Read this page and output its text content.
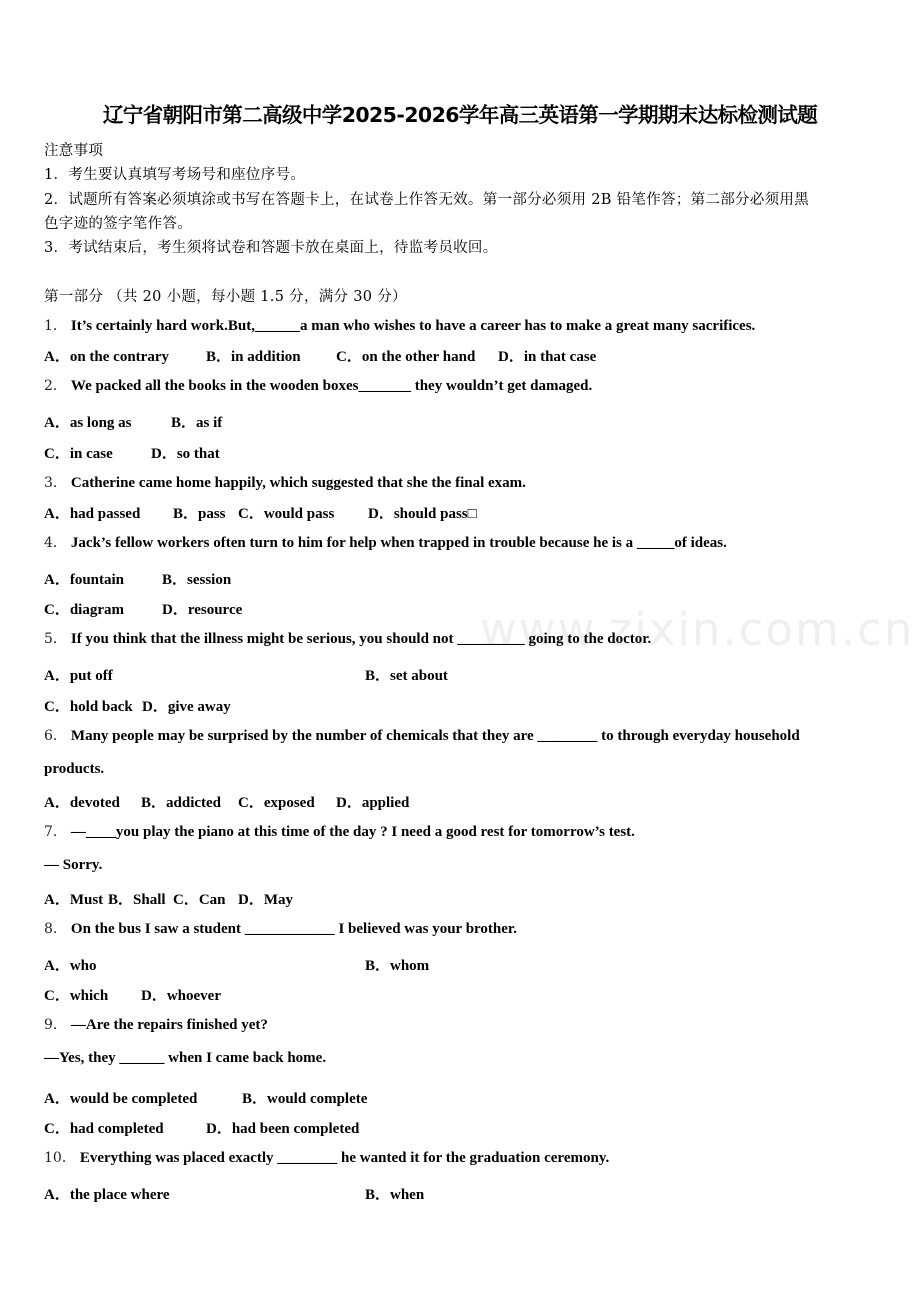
辽宁省朝阳市第二高级中学2025-2026学年高三英语第一学期期末达标检测试题
注意事项
1．考生要认真填写考场号和座位序号。
2．试题所有答案必须填涂或书写在答题卡上，在试卷上作答无效。第一部分必须用 2B 铅笔作答；第二部分必须用黑
色字迹的签字笔作答。
3．考试结束后，考生须将试卷和答题卡放在桌面上，待监考员收回。
第一部分 （共 20 小题，每小题 1.5 分，满分 30 分）
www.zixin.com.cn
1． It’s certainly hard work.But,______a man who wishes to have a career has to make a great many sacrifices.
A．on the contrary B．in addition C．on the other hand D．in that case
2． We packed all the books in the wooden boxes_______ they wouldn’t get damaged.
A．as long as	B．as if
C．in case	D．so that
3． Catherine came home happily, which suggested that she the final exam.
A．had passed B．pass C．would pass D．should pass□
4． Jack’s fellow workers often turn to him for help when trapped in trouble because he is a _____of ideas.
A．fountain	B．session
C．diagram	D．resource
5． If you think that the illness might be serious, you should not _________ going to the doctor.
A．put off	B．set about
C．hold back D．give away
6． Many people may be surprised by the number of chemicals that they are ________ to through everyday household
products.
A．devoted B．addicted C．exposed D．applied
7． —____you play the piano at this time of the day ? I need a good rest for tomorrow’s test.
— Sorry.
A．Must B．Shall C．Can D．May
8． On the bus I saw a student ____________ I believed was your brother.
A．who	B．whom
C．which D．whoever
9． —Are the repairs finished yet?
—Yes, they ______ when I came back home.
A．would be completed	B．would complete
C．had completed	D．had been completed
10． Everything was placed exactly ________ he wanted it for the graduation ceremony.
A．the place where	B．when
